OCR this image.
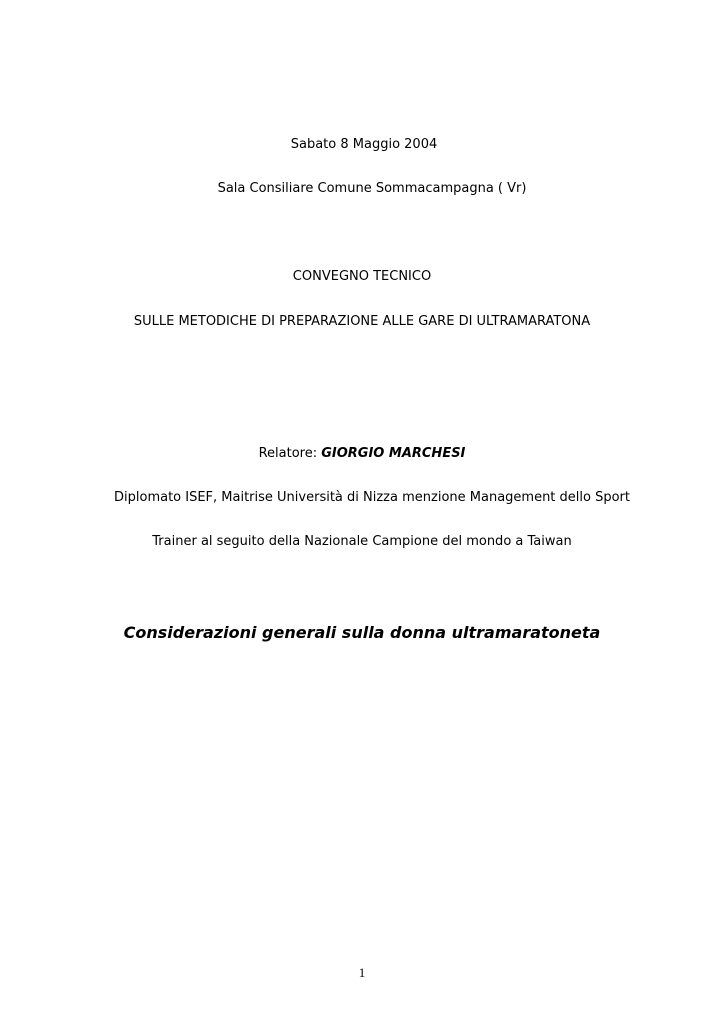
Sabato 8 Maggio 2004
Sala Consiliare Comune Sommacampagna ( Vr)
CONVEGNO TECNICO
SULLE METODICHE DI PREPARAZIONE ALLE GARE DI ULTRAMARATONA
Relatore: GIORGIO MARCHESI
Diplomato ISEF, Maitrise Università di Nizza menzione Management dello Sport
Trainer al seguito della Nazionale Campione del mondo a Taiwan
Considerazioni generali sulla donna ultramaratoneta
1
